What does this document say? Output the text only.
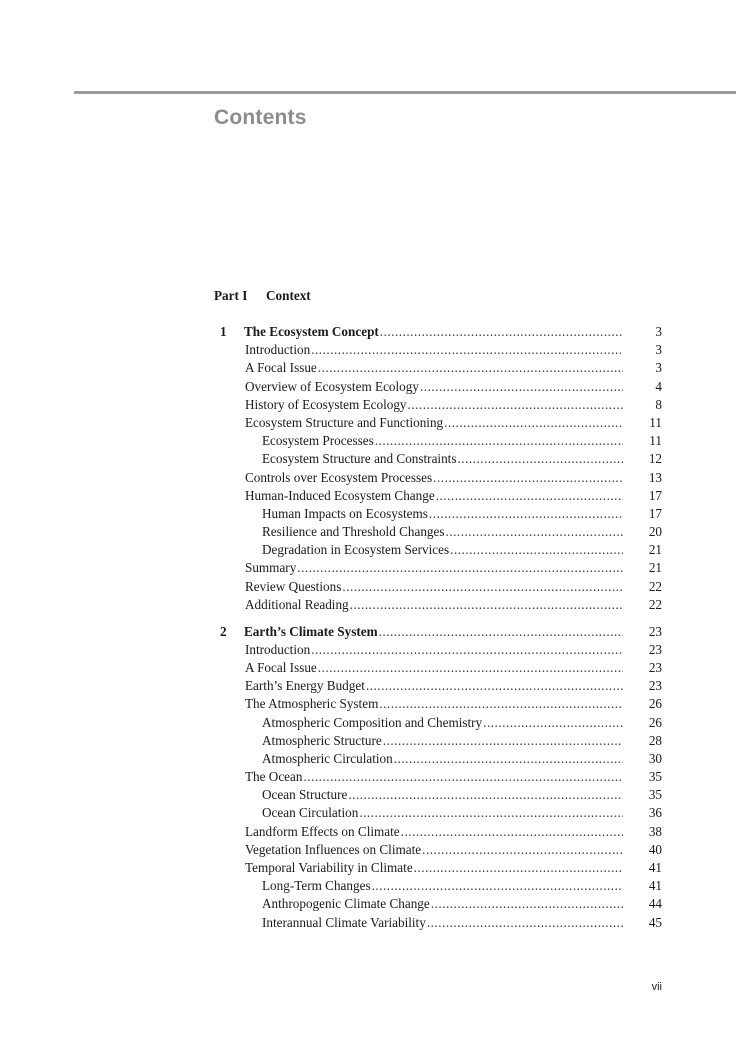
Contents
Part I Context
1	The Ecosystem Concept .....	3
Introduction .....	3
A Focal Issue .....	3
Overview of Ecosystem Ecology .....	4
History of Ecosystem Ecology .....	8
Ecosystem Structure and Functioning .....	11
Ecosystem Processes .....	11
Ecosystem Structure and Constraints .....	12
Controls over Ecosystem Processes .....	13
Human-Induced Ecosystem Change .....	17
Human Impacts on Ecosystems .....	17
Resilience and Threshold Changes .....	20
Degradation in Ecosystem Services .....	21
Summary .....	21
Review Questions .....	22
Additional Reading .....	22
2	Earth’s Climate System .....	23
Introduction .....	23
A Focal Issue .....	23
Earth’s Energy Budget .....	23
The Atmospheric System .....	26
Atmospheric Composition and Chemistry .....	26
Atmospheric Structure .....	28
Atmospheric Circulation .....	30
The Ocean .....	35
Ocean Structure .....	35
Ocean Circulation .....	36
Landform Effects on Climate .....	38
Vegetation Influences on Climate .....	40
Temporal Variability in Climate .....	41
Long-Term Changes .....	41
Anthropogenic Climate Change .....	44
Interannual Climate Variability .....	45
vii
